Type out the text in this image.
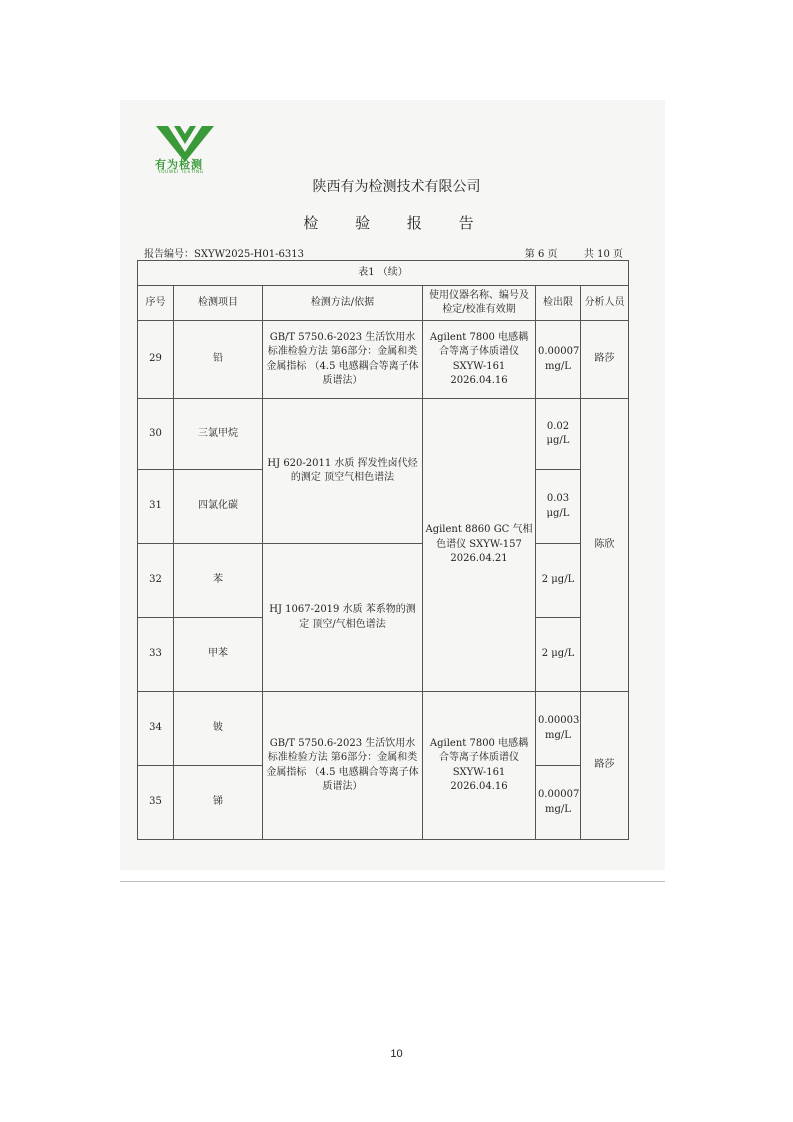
有为检测
YOUWEI TESTING
陕西有为检测技术有限公司
检 验 报 告
报告编号：SXYW2025-H01-6313	第 6 页	共 10 页
表1 （续）					
序号	检测项目	检测方法/依据	使用仪器名称、编号及检定/校准有效期	检出限	分析人员
29	铅	GB/T 5750.6-2023 生活饮用水标准检验方法 第6部分：金属和类金属指标 （4.5 电感耦合等离子体质谱法）	Agilent 7800 电感耦合等离子体质谱仪 SXYW-161 2026.04.16	0.00007 mg/L	路莎
30	三氯甲烷	HJ 620-2011 水质 挥发性卤代烃的测定 顶空气相色谱法	Agilent 8860 GC 气相色谱仪 SXYW-157 2026.04.21	0.02 μg/L	陈欣
31	四氯化碳			0.03 μg/L	
32	苯	HJ 1067-2019 水质 苯系物的测定 顶空/气相色谱法		2 μg/L	
33	甲苯			2 μg/L	
34	铍	GB/T 5750.6-2023 生活饮用水标准检验方法 第6部分：金属和类金属指标 （4.5 电感耦合等离子体质谱法）	Agilent 7800 电感耦合等离子体质谱仪 SXYW-161 2026.04.16	0.00003 mg/L	路莎
35	锑			0.00007 mg/L	
10
